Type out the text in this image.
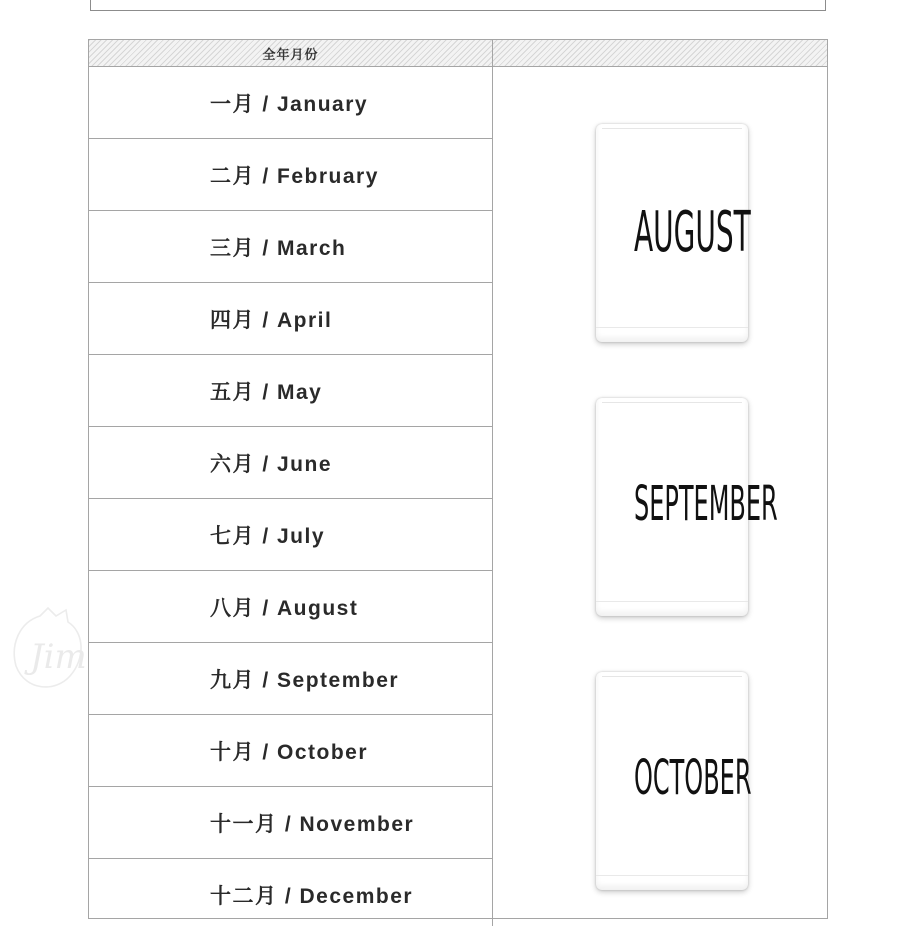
全年月份
一月 / January
二月 / February
三月 / March
四月 / April
五月 / May
六月 / June
七月 / July
八月 / August
九月 / September
十月 / October
十一月 / November
十二月 / December
AUGUST
SEPTEMBER
OCTOBER
Jim
